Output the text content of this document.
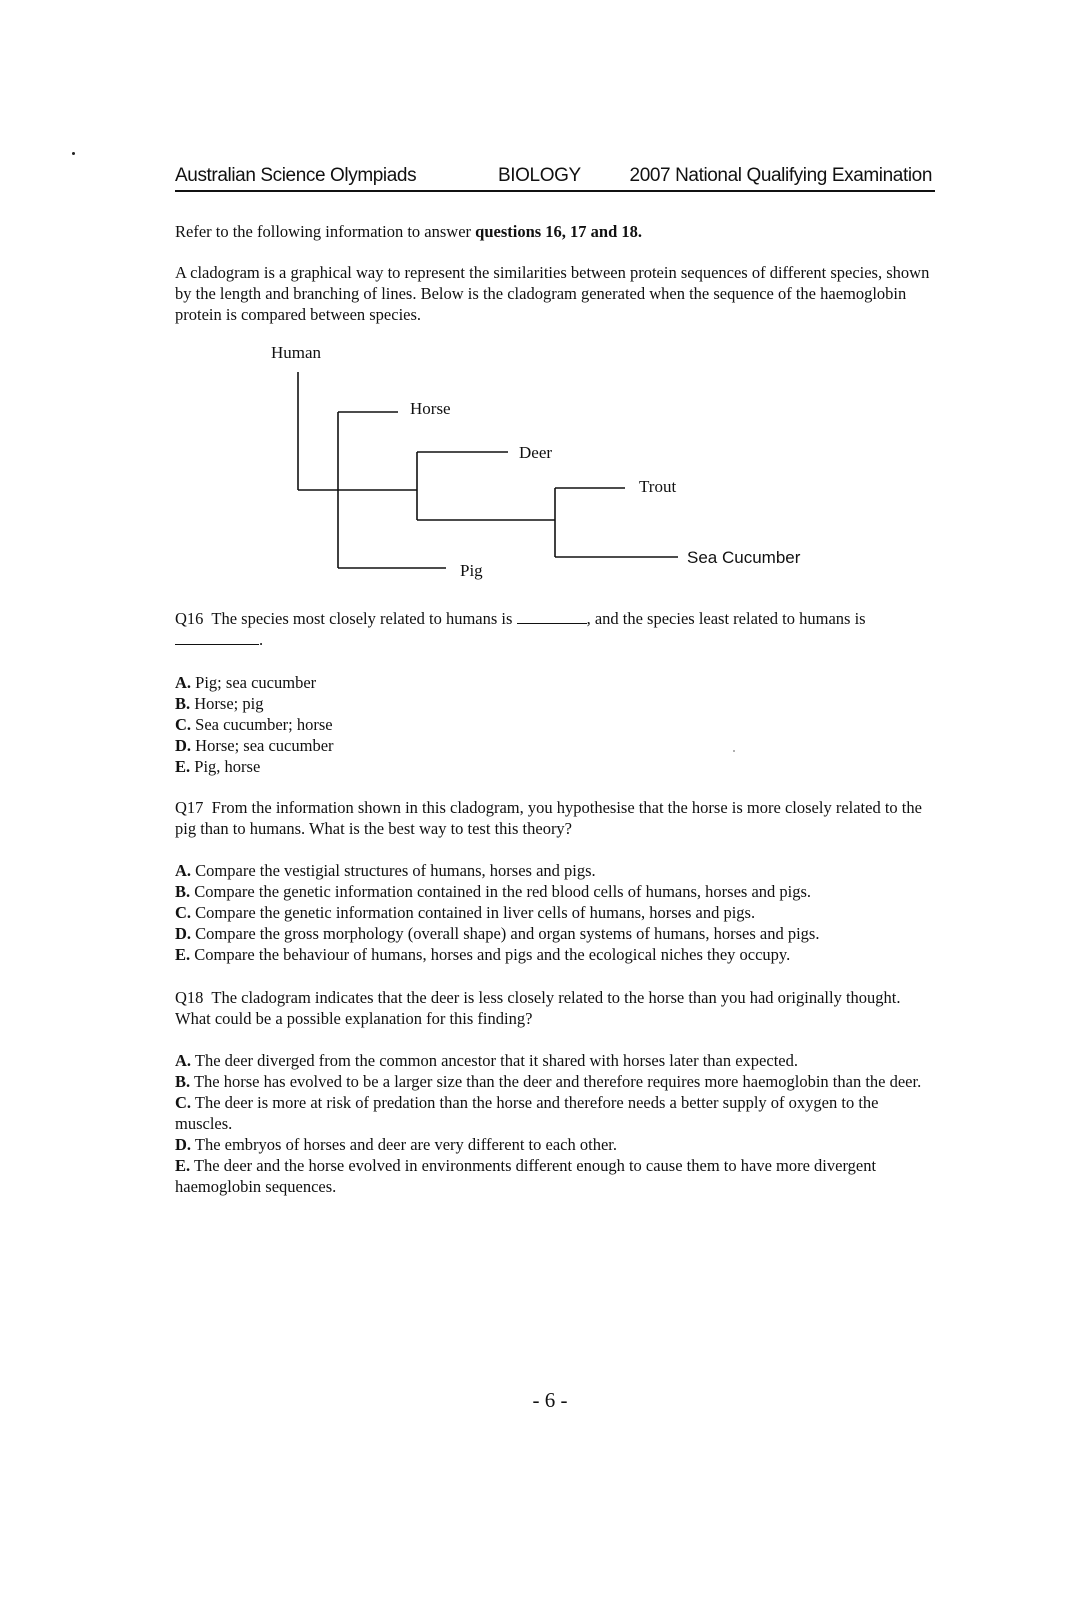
Australian Science Olympiads	BIOLOGY	2007 National Qualifying Examination

Refer to the following information to answer questions 16, 17 and 18.

A cladogram is a graphical way to represent the similarities between protein sequences of different species, shown by the length and branching of lines. Below is the cladogram generated when the sequence of the haemoglobin protein is compared between species.

Human
Horse
Deer
Trout
Pig
Sea Cucumber

Q16 The species most closely related to humans is	, and the species least related to humans is .

A. Pig; sea cucumber
B. Horse; pig
C. Sea cucumber; horse
D. Horse; sea cucumber
E. Pig, horse

Q17 From the information shown in this cladogram, you hypothesise that the horse is more closely related to the pig than to humans. What is the best way to test this theory?

A. Compare the vestigial structures of humans, horses and pigs.
B. Compare the genetic information contained in the red blood cells of humans, horses and pigs.
C. Compare the genetic information contained in liver cells of humans, horses and pigs.
D. Compare the gross morphology (overall shape) and organ systems of humans, horses and pigs.
E. Compare the behaviour of humans, horses and pigs and the ecological niches they occupy.

Q18 The cladogram indicates that the deer is less closely related to the horse than you had originally thought. What could be a possible explanation for this finding?

A. The deer diverged from the common ancestor that it shared with horses later than expected.
B. The horse has evolved to be a larger size than the deer and therefore requires more haemoglobin than the deer.
C. The deer is more at risk of predation than the horse and therefore needs a better supply of oxygen to the muscles.
D. The embryos of horses and deer are very different to each other.
E. The deer and the horse evolved in environments different enough to cause them to have more divergent haemoglobin sequences.
- 6 -
